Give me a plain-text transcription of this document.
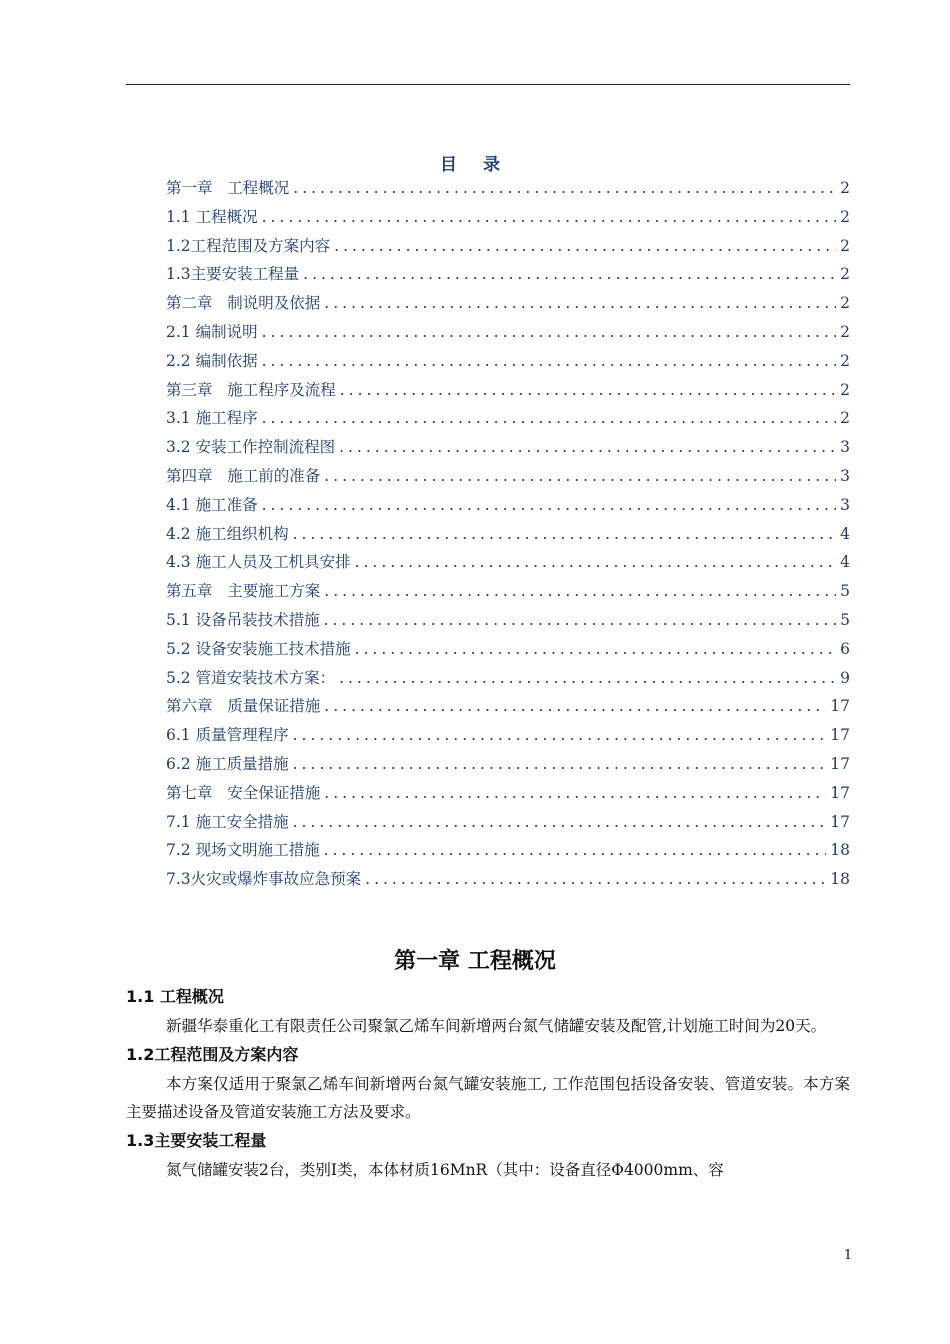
目 录
第一章   工程概况 .....	2
1.1 工程概况 .....	2
1.2工程范围及方案内容 .....	2
1.3主要安装工程量 .....	2
第二章   制说明及依据 .....	2
2.1 编制说明 .....	2
2.2 编制依据 .....	2
第三章   施工程序及流程 .....	2
3.1 施工程序 .....	2
3.2 安装工作控制流程图 .....	3
第四章   施工前的准备 .....	3
4.1 施工准备 .....	3
4.2 施工组织机构 .....	4
4.3 施工人员及工机具安排 .....	4
第五章   主要施工方案 .....	5
5.1 设备吊装技术措施 .....	5
5.2 设备安装施工技术措施 .....	6
5.2 管道安装技术方案： .....	9
第六章   质量保证措施 .....	17
6.1 质量管理程序 .....	17
6.2 施工质量措施 .....	17
第七章   安全保证措施 .....	17
7.1 施工安全措施 .....	17
7.2 现场文明施工措施 .....	18
7.3火灾或爆炸事故应急预案 .....	18
第一章 工程概况
1.1 工程概况
新疆华泰重化工有限责任公司聚氯乙烯车间新增两台氮气储罐安装及配管,计划施工时间为20天。
1.2工程范围及方案内容
本方案仅适用于聚氯乙烯车间新增两台氮气罐安装施工, 工作范围包括设备安装、管道安装。本方案主要描述设备及管道安装施工方法及要求。
1.3主要安装工程量
氮气储罐安装2台，类别Ⅰ类，本体材质16MnR（其中：设备直径Φ4000mm、容
1
